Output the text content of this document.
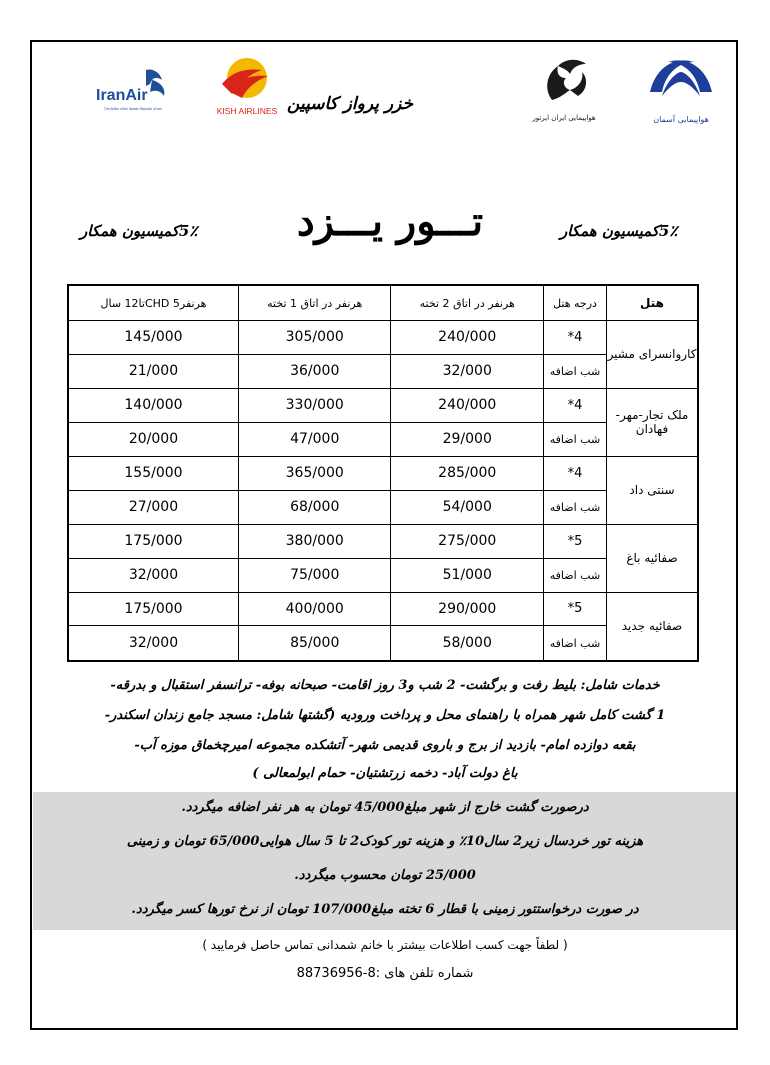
IranAir
The Airline of the Islamic Republic of Iran	KISH AIRLINES
هواپیمایی ایران ایرتور	هواپیمایی آسمان
خزر پرواز کاسپین
5٪کمیسیون همکار
تـــور یـــزد
5٪کمیسیون همکار
هتل	درجه هتل	هرنفر در اتاق 2 تخته	هرنفر در اتاق 1 تخته	هرنفرCHD 5تا12 سال
کاروانسرای مشیر	4*	240/000	305/000	145/000
	شب اضافه	32/000	36/000	21/000
ملک تجار-مهر- فهادان	4*	240/000	330/000	140/000
	شب اضافه	29/000	47/000	20/000
سنتی داد	4*	285/000	365/000	155/000
	شب اضافه	54/000	68/000	27/000
صفائیه باغ	5*	275/000	380/000	175/000
	شب اضافه	51/000	75/000	32/000
صفائیه جدید	5*	290/000	400/000	175/000
	شب اضافه	58/000	85/000	32/000
خدمات شامل: بلیط رفت و برگشت- 2 شب و3 روز اقامت- صبحانه بوفه- ترانسفر استقبال و بدرقه-
1 گشت کامل شهر همراه با راهنمای محل و پرداخت ورودیه (گشتها شامل: مسجد جامع زندان اسکندر-
بقعه دوازده امام- بازدید از برج و باروی قدیمی شهر- آتشکده مجموعه امیرچخماق موزه آب-
باغ دولت آباد- دخمه زرتشتیان- حمام ابولمعالی )
درصورت گشت خارج از شهر مبلغ45/000 تومان به هر نفر اضافه میگردد.
هزینه تور خردسال زیر2 سال10٪ و هزینه تور کودک2 تا 5 سال هوایی65/000 تومان و زمینی
25/000 تومان محسوب میگردد.
در صورت درخواستتور زمینی با قطار 6 تخته مبلغ107/000 تومان از نرخ تورها کسر میگردد.
( لطفاً جهت کسب اطلاعات بیشتر با خانم شمدانی تماس حاصل فرمایید )
شماره تلفن های :8-88736956
